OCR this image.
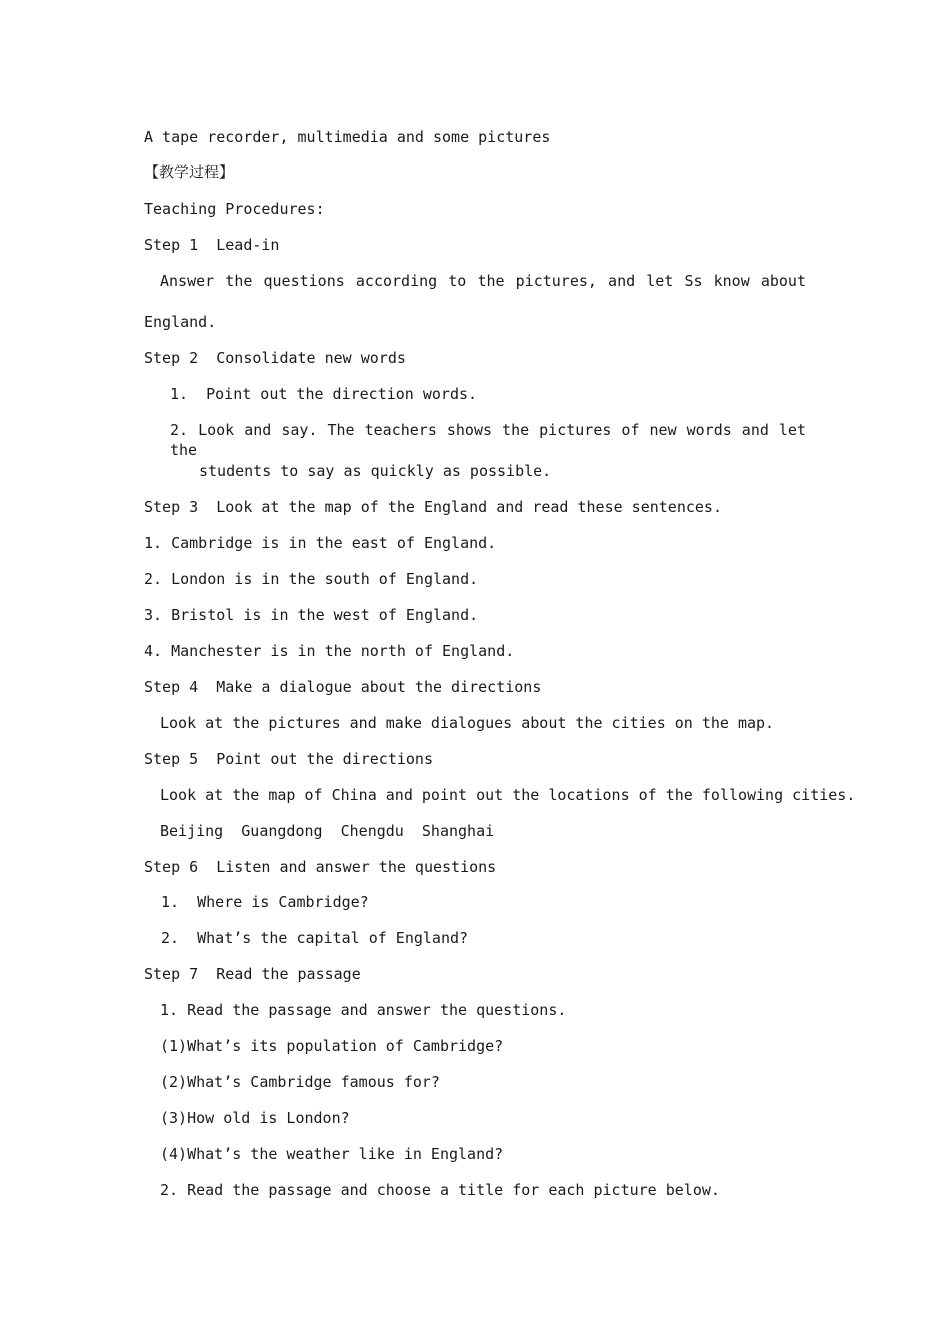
A tape recorder, multimedia and some pictures
【教学过程】
Teaching Procedures:
Step 1  Lead-in
Answer the questions according to the pictures, and let Ss know about
England.
Step 2  Consolidate new words
1.  Point out the direction words.
2. Look and say. The teachers shows the pictures of new words and let the
students to say as quickly as possible.
Step 3  Look at the map of the England and read these sentences.
1. Cambridge is in the east of England.
2. London is in the south of England.
3. Bristol is in the west of England.
4. Manchester is in the north of England.
Step 4  Make a dialogue about the directions
Look at the pictures and make dialogues about the cities on the map.
Step 5  Point out the directions
Look at the map of China and point out the locations of the following cities.
Beijing  Guangdong  Chengdu  Shanghai
Step 6  Listen and answer the questions
1.  Where is Cambridge?
2.  What’s the capital of England?
Step 7  Read the passage
1. Read the passage and answer the questions.
(1)What’s its population of Cambridge?
(2)What’s Cambridge famous for?
(3)How old is London?
(4)What’s the weather like in England?
2. Read the passage and choose a title for each picture below.
